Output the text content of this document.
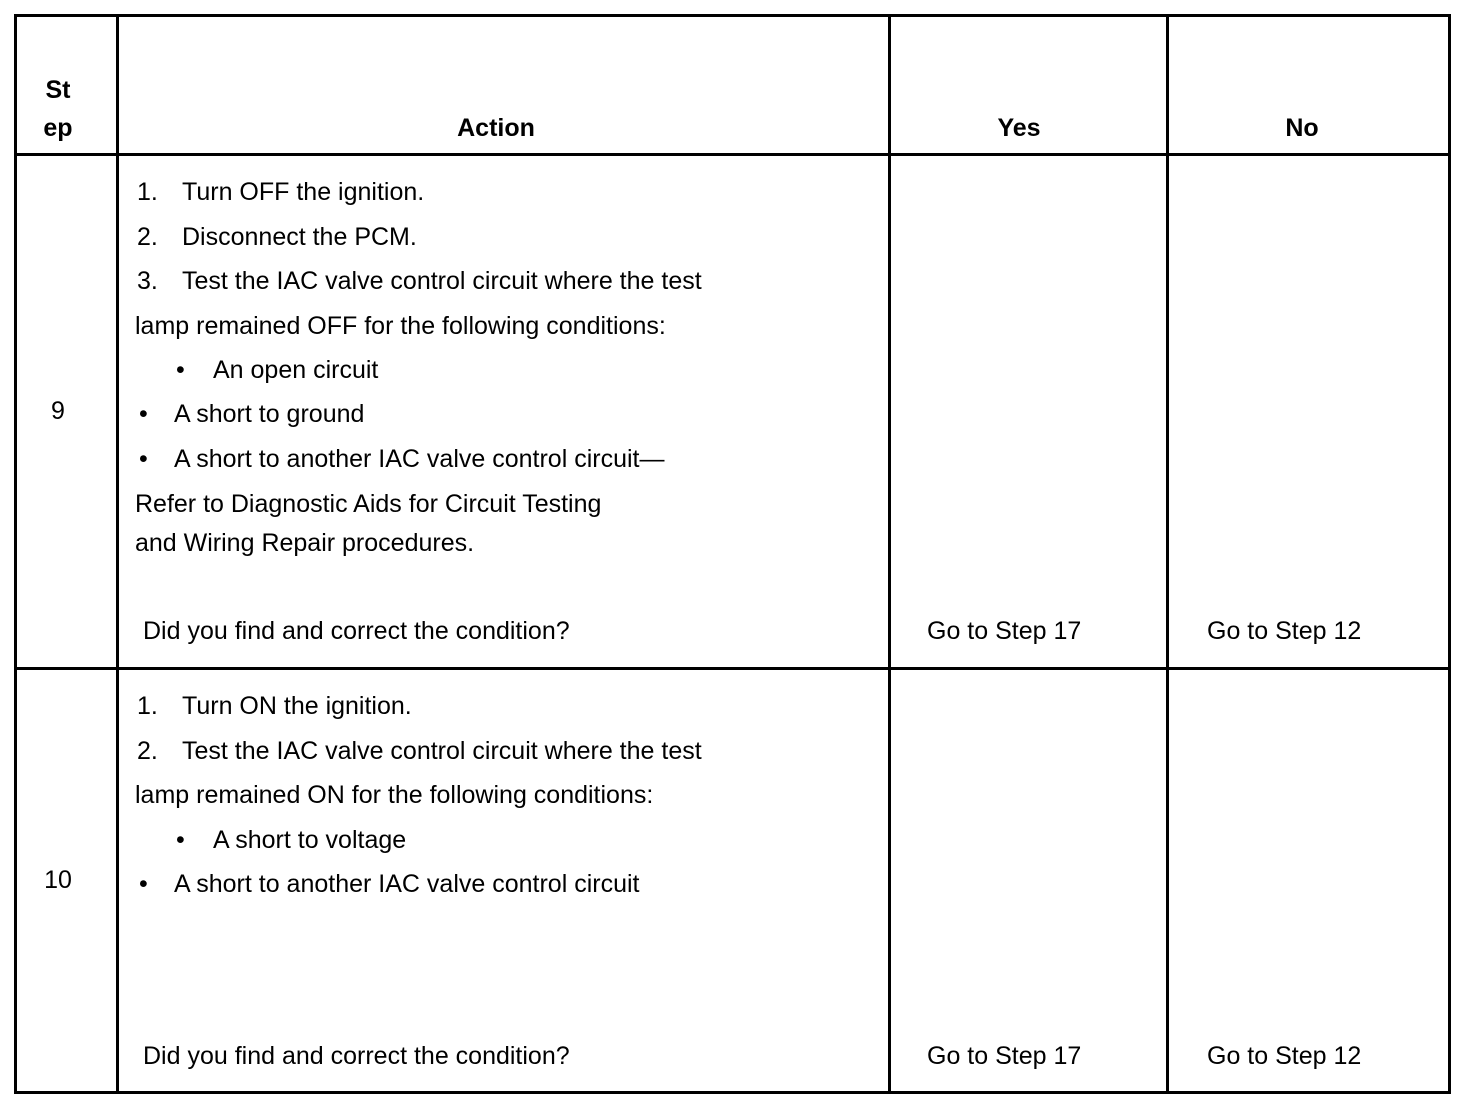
St
ep	Action	Yes	No
9
1. Turn OFF the ignition.
2. Disconnect the PCM.
3. Test the IAC valve control circuit where the test
lamp remained OFF for the following conditions:
• An open circuit
• A short to ground
• A short to another IAC valve control circuit—
Refer to Diagnostic Aids for Circuit Testing
and Wiring Repair procedures.
Did you find and correct the condition?	Go to Step 17	Go to Step 12
10
1. Turn ON the ignition.
2. Test the IAC valve control circuit where the test
lamp remained ON for the following conditions:
• A short to voltage
• A short to another IAC valve control circuit
Did you find and correct the condition?	Go to Step 17	Go to Step 12
